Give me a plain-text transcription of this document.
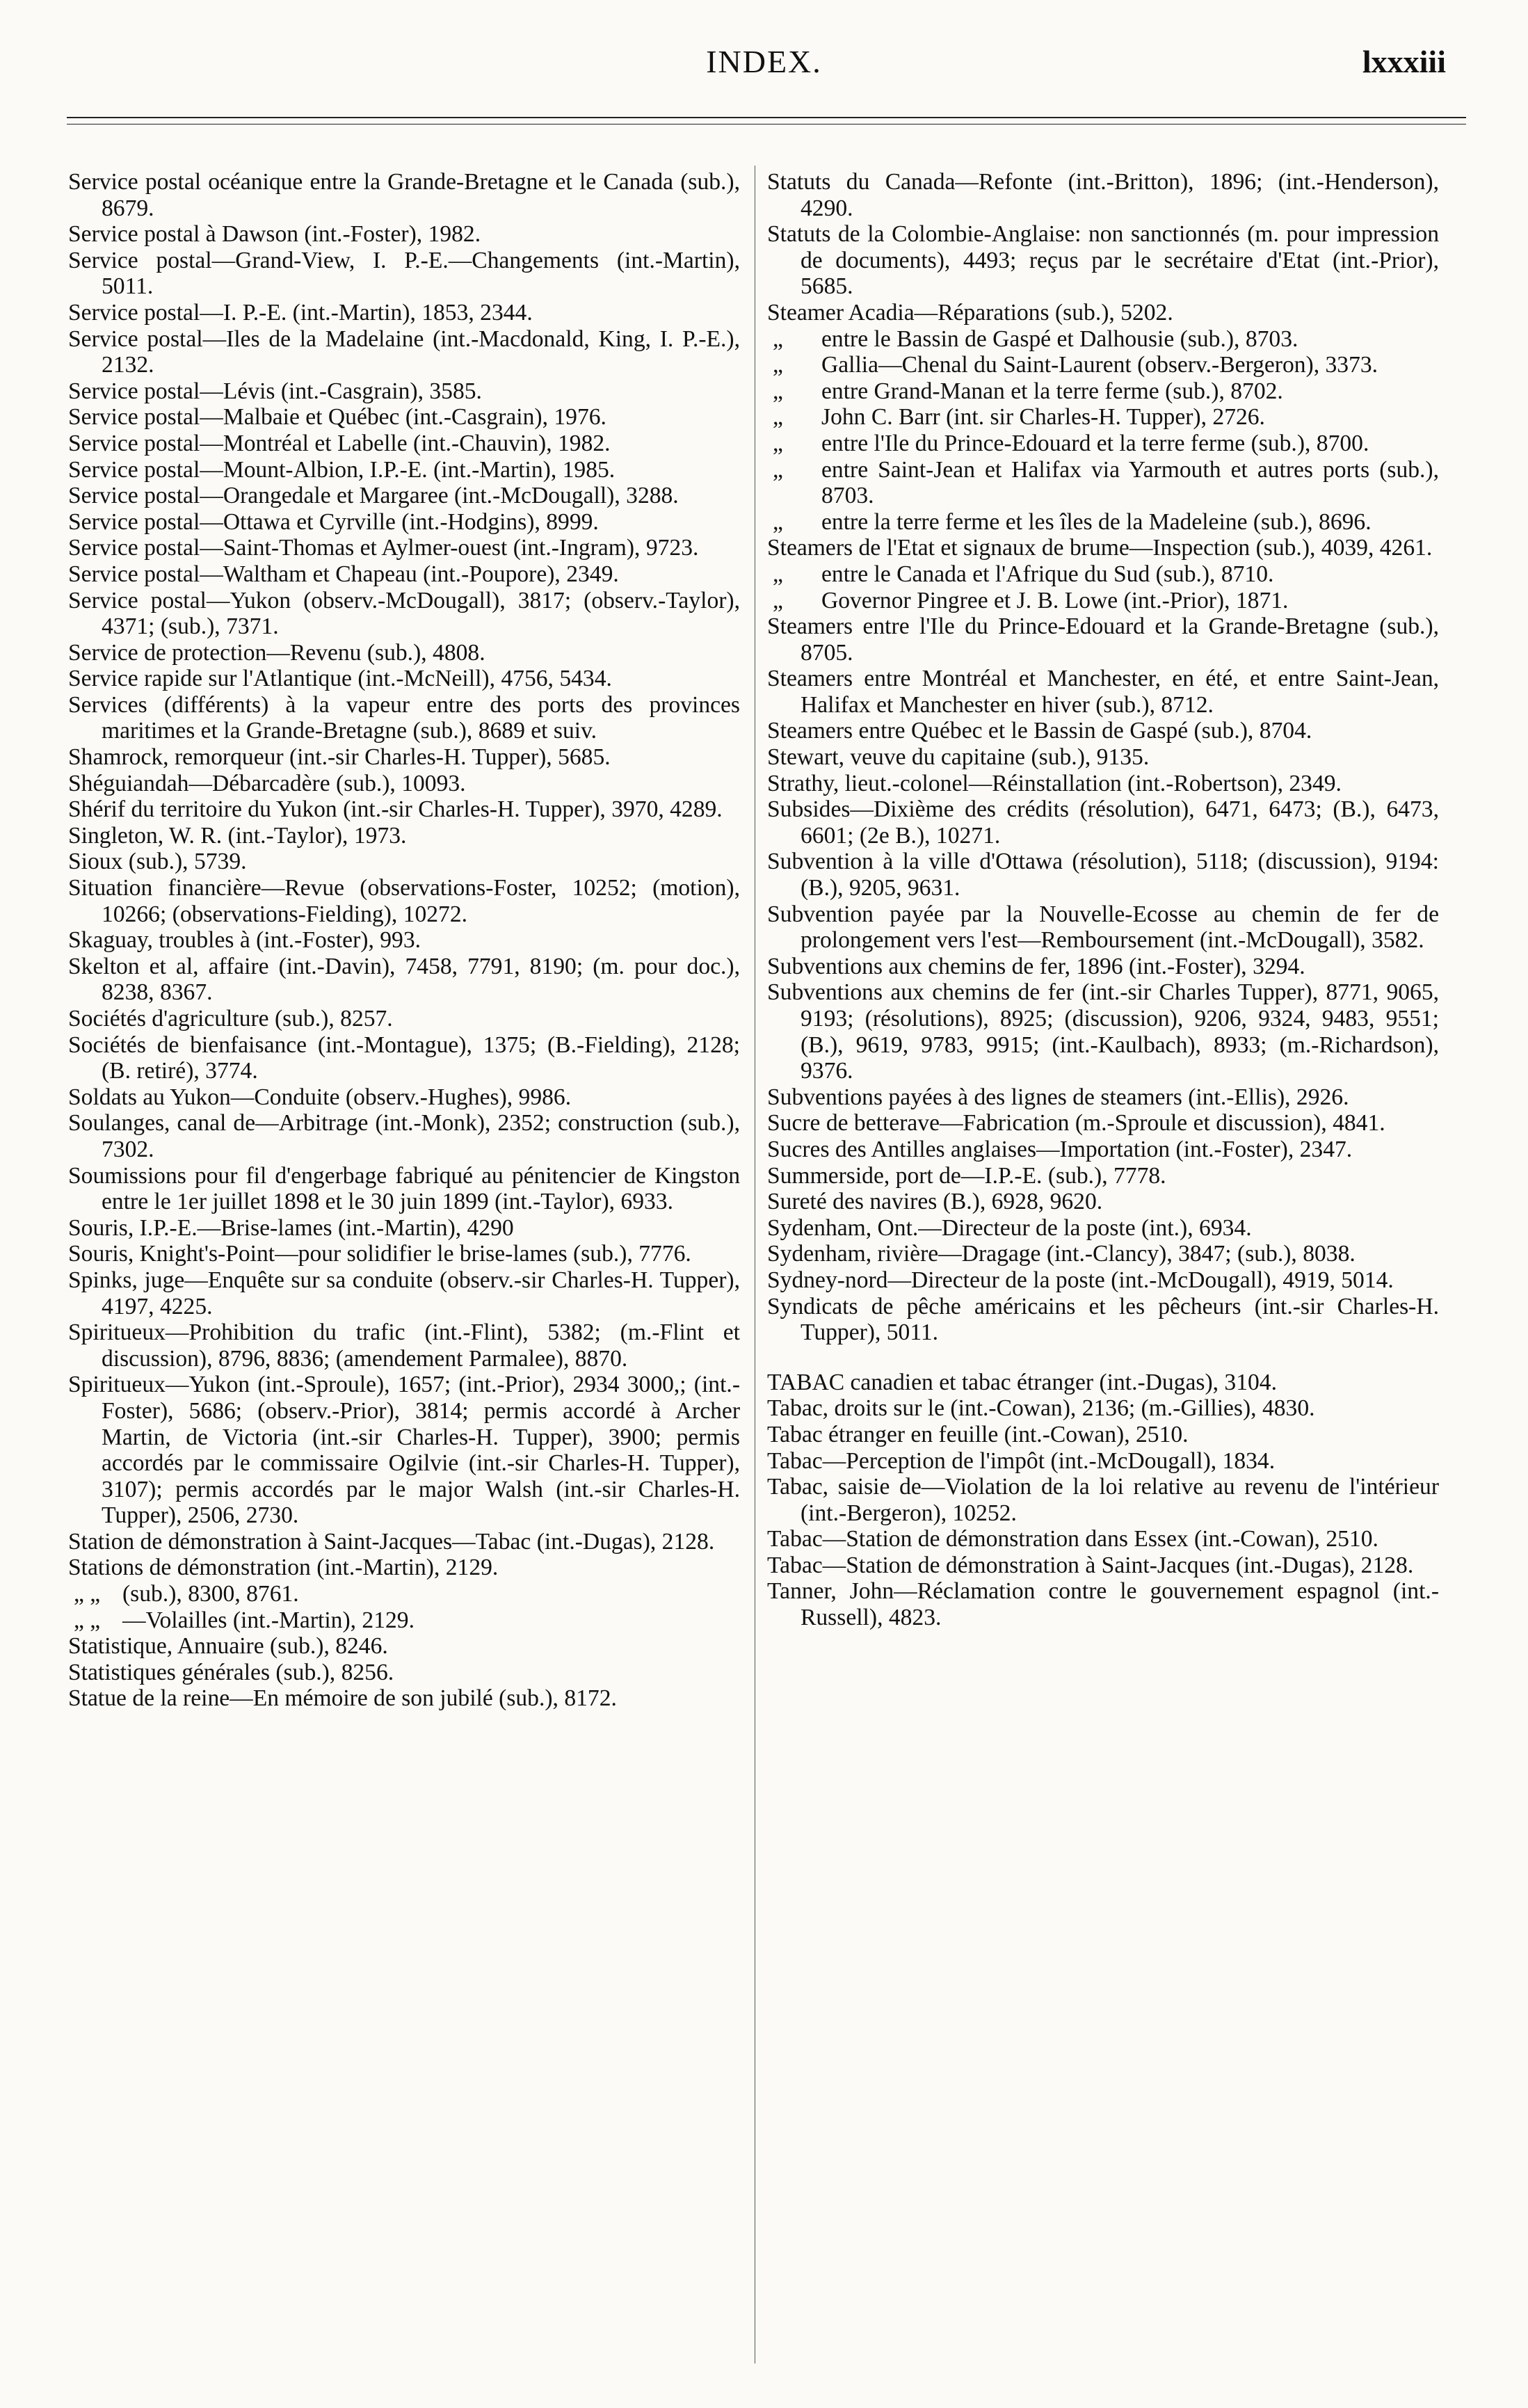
INDEX.	lxxxiii
Service postal océanique entre la Grande-Bretagne et le Canada (sub.), 8679.
Service postal à Dawson (int.-Foster), 1982.
Service postal—Grand-View, I. P.-E.—Changements (int.-Martin), 5011.
Service postal—I. P.-E. (int.-Martin), 1853, 2344.
Service postal—Iles de la Madelaine (int.-Macdonald, King, I. P.-E.), 2132.
Service postal—Lévis (int.-Casgrain), 3585.
Service postal—Malbaie et Québec (int.-Casgrain), 1976.
Service postal—Montréal et Labelle (int.-Chauvin), 1982.
Service postal—Mount-Albion, I.P.-E. (int.-Martin), 1985.
Service postal—Orangedale et Margaree (int.-McDougall), 3288.
Service postal—Ottawa et Cyrville (int.-Hodgins), 8999.
Service postal—Saint-Thomas et Aylmer-ouest (int.-Ingram), 9723.
Service postal—Waltham et Chapeau (int.-Poupore), 2349.
Service postal—Yukon (observ.-McDougall), 3817; (observ.-Taylor), 4371; (sub.), 7371.
Service de protection—Revenu (sub.), 4808.
Service rapide sur l'Atlantique (int.-McNeill), 4756, 5434.
Services (différents) à la vapeur entre des ports des provinces maritimes et la Grande-Bretagne (sub.), 8689 et suiv.
Shamrock, remorqueur (int.-sir Charles-H. Tupper), 5685.
Shéguiandah—Débarcadère (sub.), 10093.
Shérif du territoire du Yukon (int.-sir Charles-H. Tupper), 3970, 4289.
Singleton, W. R. (int.-Taylor), 1973.
Sioux (sub.), 5739.
Situation financière—Revue (observations-Foster, 10252; (motion), 10266; (observations-Fielding), 10272.
Skaguay, troubles à (int.-Foster), 993.
Skelton et al, affaire (int.-Davin), 7458, 7791, 8190; (m. pour doc.), 8238, 8367.
Sociétés d'agriculture (sub.), 8257.
Sociétés de bienfaisance (int.-Montague), 1375; (B.-Fielding), 2128; (B. retiré), 3774.
Soldats au Yukon—Conduite (observ.-Hughes), 9986.
Soulanges, canal de—Arbitrage (int.-Monk), 2352; construction (sub.), 7302.
Soumissions pour fil d'engerbage fabriqué au pénitencier de Kingston entre le 1er juillet 1898 et le 30 juin 1899 (int.-Taylor), 6933.
Souris, I.P.-E.—Brise-lames (int.-Martin), 4290
Souris, Knight's-Point—pour solidifier le brise-lames (sub.), 7776.
Spinks, juge—Enquête sur sa conduite (observ.-sir Charles-H. Tupper), 4197, 4225.
Spiritueux—Prohibition du trafic (int.-Flint), 5382; (m.-Flint et discussion), 8796, 8836; (amendement Parmalee), 8870.
Spiritueux—Yukon (int.-Sproule), 1657; (int.-Prior), 2934 3000,; (int.-Foster), 5686; (observ.-Prior), 3814; permis accordé à Archer Martin, de Victoria (int.-sir Charles-H. Tupper), 3900; permis accordés par le commissaire Ogilvie (int.-sir Charles-H. Tupper), 3107); permis accordés par le major Walsh (int.-sir Charles-H. Tupper), 2506, 2730.
Station de démonstration à Saint-Jacques—Tabac (int.-Dugas), 2128.
Stations de démonstration (int.-Martin), 2129.
„ „ (sub.), 8300, 8761.
„ „ —Volailles (int.-Martin), 2129.
Statistique, Annuaire (sub.), 8246.
Statistiques générales (sub.), 8256.
Statue de la reine—En mémoire de son jubilé (sub.), 8172.
Statuts du Canada—Refonte (int.-Britton), 1896; (int.-Henderson), 4290.
Statuts de la Colombie-Anglaise: non sanctionnés (m. pour impression de documents), 4493; reçus par le secrétaire d'Etat (int.-Prior), 5685.
Steamer Acadia—Réparations (sub.), 5202.
„ entre le Bassin de Gaspé et Dalhousie (sub.), 8703.
„ Gallia—Chenal du Saint-Laurent (observ.-Bergeron), 3373.
„ entre Grand-Manan et la terre ferme (sub.), 8702.
„ John C. Barr (int. sir Charles-H. Tupper), 2726.
„ entre l'Ile du Prince-Edouard et la terre ferme (sub.), 8700.
„ entre Saint-Jean et Halifax via Yarmouth et autres ports (sub.), 8703.
„ entre la terre ferme et les îles de la Madeleine (sub.), 8696.
Steamers de l'Etat et signaux de brume—Inspection (sub.), 4039, 4261.
„ entre le Canada et l'Afrique du Sud (sub.), 8710.
„ Governor Pingree et J. B. Lowe (int.-Prior), 1871.
Steamers entre l'Ile du Prince-Edouard et la Grande-Bretagne (sub.), 8705.
Steamers entre Montréal et Manchester, en été, et entre Saint-Jean, Halifax et Manchester en hiver (sub.), 8712.
Steamers entre Québec et le Bassin de Gaspé (sub.), 8704.
Stewart, veuve du capitaine (sub.), 9135.
Strathy, lieut.-colonel—Réinstallation (int.-Robertson), 2349.
Subsides—Dixième des crédits (résolution), 6471, 6473; (B.), 6473, 6601; (2e B.), 10271.
Subvention à la ville d'Ottawa (résolution), 5118; (discussion), 9194: (B.), 9205, 9631.
Subvention payée par la Nouvelle-Ecosse au chemin de fer de prolongement vers l'est—Remboursement (int.-McDougall), 3582.
Subventions aux chemins de fer, 1896 (int.-Foster), 3294.
Subventions aux chemins de fer (int.-sir Charles Tupper), 8771, 9065, 9193; (résolutions), 8925; (discussion), 9206, 9324, 9483, 9551; (B.), 9619, 9783, 9915; (int.-Kaulbach), 8933; (m.-Richardson), 9376.
Subventions payées à des lignes de steamers (int.-Ellis), 2926.
Sucre de betterave—Fabrication (m.-Sproule et discussion), 4841.
Sucres des Antilles anglaises—Importation (int.-Foster), 2347.
Summerside, port de—I.P.-E. (sub.), 7778.
Sureté des navires (B.), 6928, 9620.
Sydenham, Ont.—Directeur de la poste (int.), 6934.
Sydenham, rivière—Dragage (int.-Clancy), 3847; (sub.), 8038.
Sydney-nord—Directeur de la poste (int.-McDougall), 4919, 5014.
Syndicats de pêche américains et les pêcheurs (int.-sir Charles-H. Tupper), 5011.
TABAC canadien et tabac étranger (int.-Dugas), 3104.
Tabac, droits sur le (int.-Cowan), 2136; (m.-Gillies), 4830.
Tabac étranger en feuille (int.-Cowan), 2510.
Tabac—Perception de l'impôt (int.-McDougall), 1834.
Tabac, saisie de—Violation de la loi relative au revenu de l'intérieur (int.-Bergeron), 10252.
Tabac—Station de démonstration dans Essex (int.-Cowan), 2510.
Tabac—Station de démonstration à Saint-Jacques (int.-Dugas), 2128.
Tanner, John—Réclamation contre le gouvernement espagnol (int.-Russell), 4823.
